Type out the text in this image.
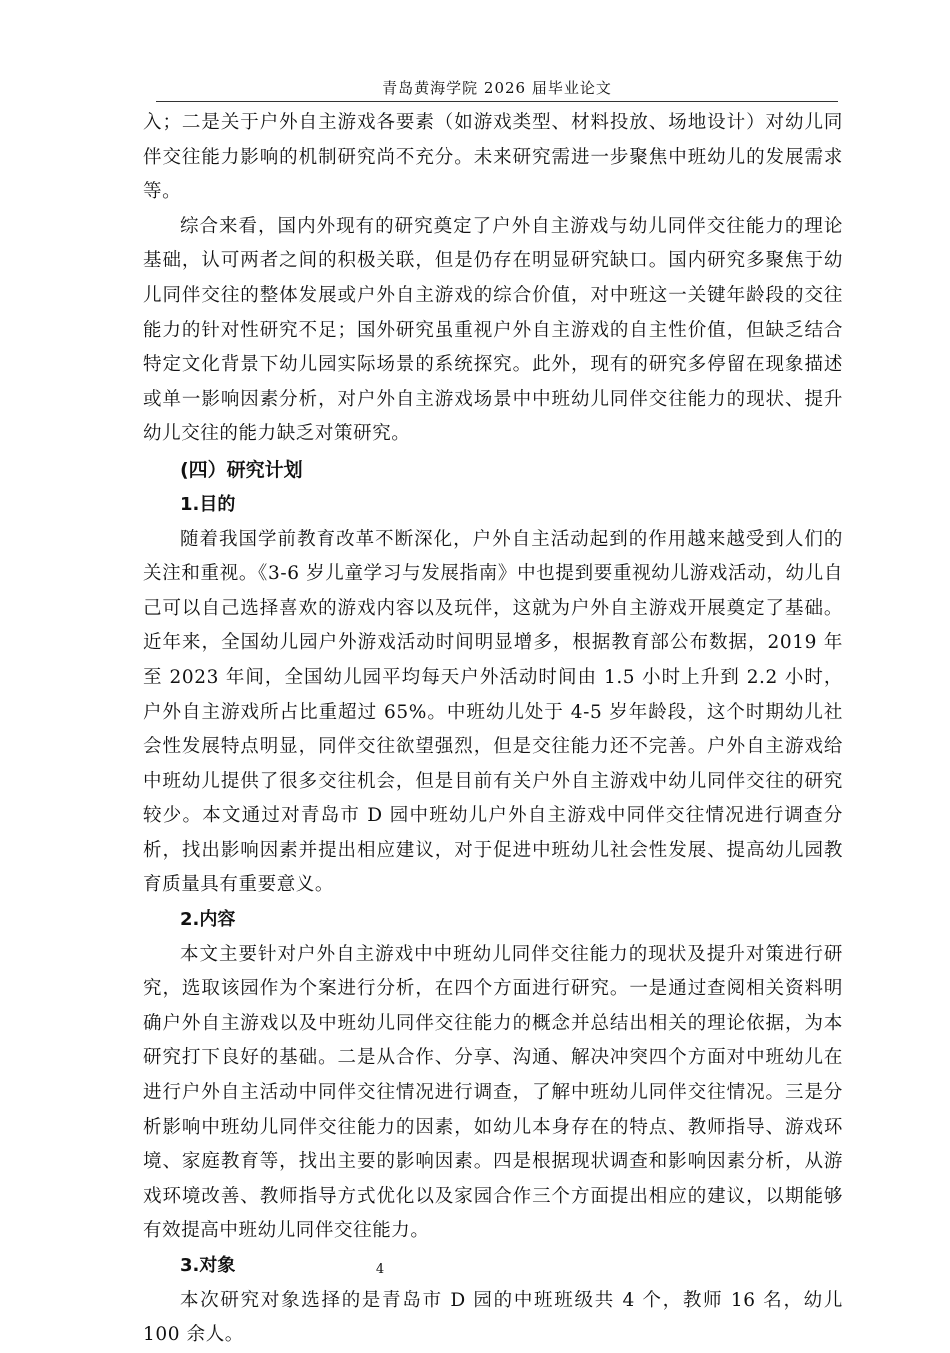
青岛黄海学院 2026 届毕业论文

入；二是关于户外自主游戏各要素（如游戏类型、材料投放、场地设计）对幼儿同伴交往能力影响的机制研究尚不充分。未来研究需进一步聚焦中班幼儿的发展需求等。

综合来看，国内外现有的研究奠定了户外自主游戏与幼儿同伴交往能力的理论基础，认可两者之间的积极关联，但是仍存在明显研究缺口。国内研究多聚焦于幼儿同伴交往的整体发展或户外自主游戏的综合价值，对中班这一关键年龄段的交往能力的针对性研究不足；国外研究虽重视户外自主游戏的自主性价值，但缺乏结合特定文化背景下幼儿园实际场景的系统探究。此外，现有的研究多停留在现象描述或单一影响因素分析，对户外自主游戏场景中中班幼儿同伴交往能力的现状、提升幼儿交往的能力缺乏对策研究。

(四）研究计划
1.目的

随着我国学前教育改革不断深化，户外自主活动起到的作用越来越受到人们的关注和重视。《3-6 岁儿童学习与发展指南》中也提到要重视幼儿游戏活动，幼儿自己可以自己选择喜欢的游戏内容以及玩伴，这就为户外自主游戏开展奠定了基础。近年来，全国幼儿园户外游戏活动时间明显增多，根据教育部公布数据，2019 年至 2023 年间，全国幼儿园平均每天户外活动时间由 1.5 小时上升到 2.2 小时，户外自主游戏所占比重超过 65%。中班幼儿处于 4-5 岁年龄段，这个时期幼儿社会性发展特点明显，同伴交往欲望强烈，但是交往能力还不完善。户外自主游戏给中班幼儿提供了很多交往机会，但是目前有关户外自主游戏中幼儿同伴交往的研究较少。本文通过对青岛市 D 园中班幼儿户外自主游戏中同伴交往情况进行调查分析，找出影响因素并提出相应建议，对于促进中班幼儿社会性发展、提高幼儿园教育质量具有重要意义。

2.内容

本文主要针对户外自主游戏中中班幼儿同伴交往能力的现状及提升对策进行研究，选取该园作为个案进行分析，在四个方面进行研究。一是通过查阅相关资料明确户外自主游戏以及中班幼儿同伴交往能力的概念并总结出相关的理论依据，为本研究打下良好的基础。二是从合作、分享、沟通、解决冲突四个方面对中班幼儿在进行户外自主活动中同伴交往情况进行调查，了解中班幼儿同伴交往情况。三是分析影响中班幼儿同伴交往能力的因素，如幼儿本身存在的特点、教师指导、游戏环境、家庭教育等，找出主要的影响因素。四是根据现状调查和影响因素分析，从游戏环境改善、教师指导方式优化以及家园合作三个方面提出相应的建议，以期能够有效提高中班幼儿同伴交往能力。

3.对象

本次研究对象选择的是青岛市 D 园的中班班级共 4 个，教师 16 名，幼儿 100 余人。

4
